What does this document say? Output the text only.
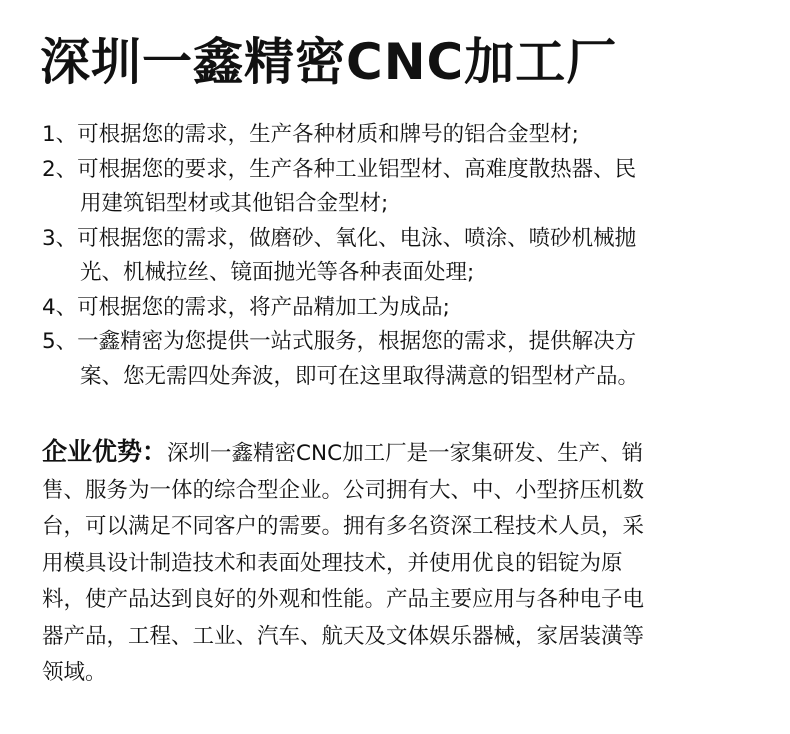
深圳一鑫精密CNC加工厂
1、可根据您的需求，生产各种材质和牌号的铝合金型材;
2、可根据您的要求，生产各种工业铝型材、高难度散热器、民
用建筑铝型材或其他铝合金型材;
3、可根据您的需求，做磨砂、氧化、电泳、喷涂、喷砂机械抛
光、机械拉丝、镜面抛光等各种表面处理;
4、可根据您的需求，将产品精加工为成品;
5、一鑫精密为您提供一站式服务，根据您的需求，提供解决方
案、您无需四处奔波，即可在这里取得满意的铝型材产品。
企业优势：深圳一鑫精密CNC加工厂是一家集研发、生产、销
售、服务为一体的综合型企业。公司拥有大、中、小型挤压机数
台，可以满足不同客户的需要。拥有多名资深工程技术人员，采
用模具设计制造技术和表面处理技术，并使用优良的铝锭为原
料，使产品达到良好的外观和性能。产品主要应用与各种电子电
器产品，工程、工业、汽车、航天及文体娱乐器械，家居装潢等
领域。
